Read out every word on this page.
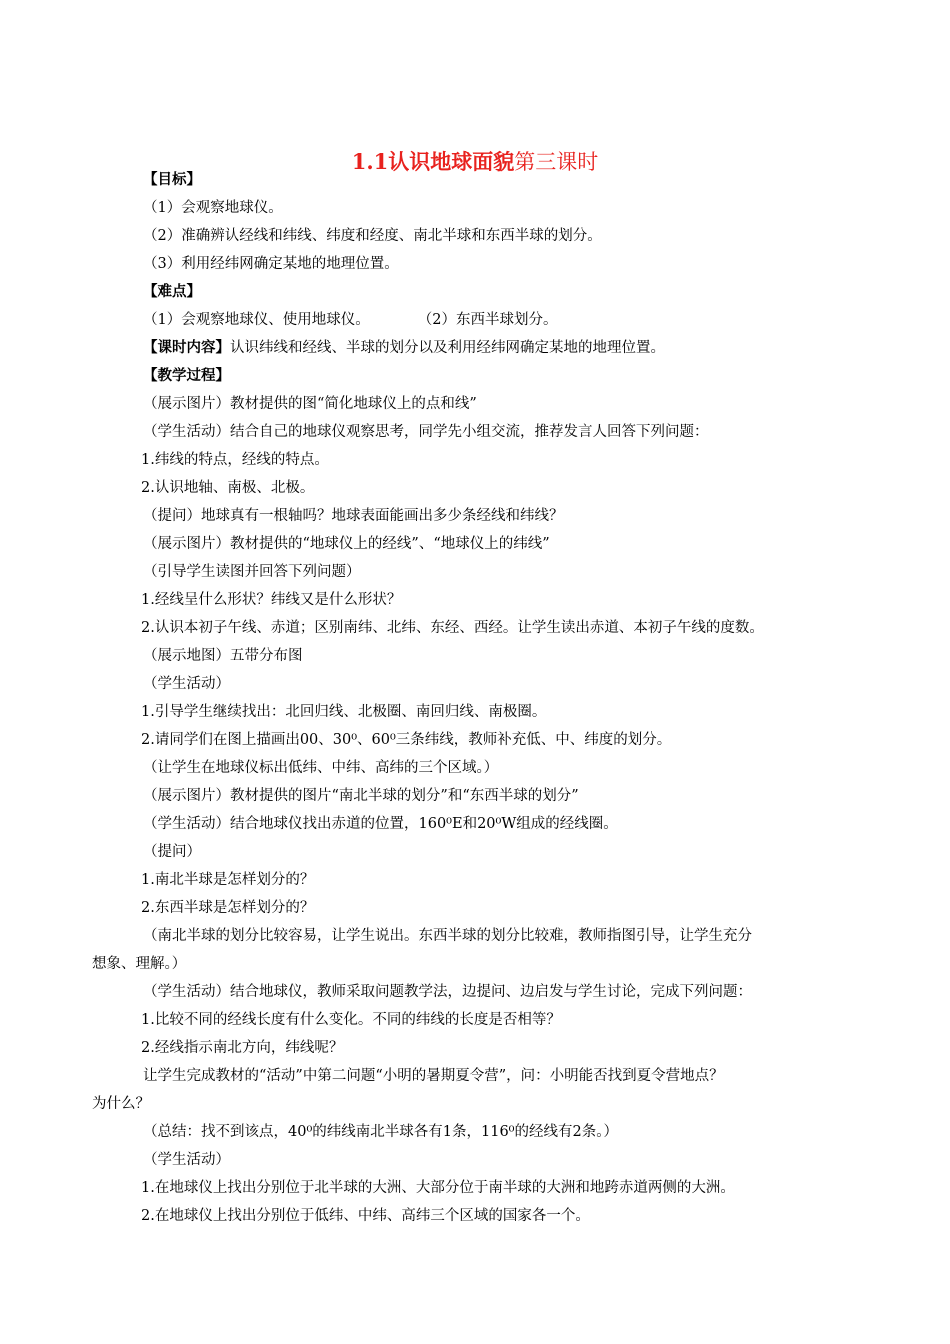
1.1认识地球面貌第三课时
【目标】
（1）会观察地球仪。
（2）准确辨认经线和纬线、纬度和经度、南北半球和东西半球的划分。
（3）利用经纬网确定某地的地理位置。
【难点】
（1）会观察地球仪、使用地球仪。	（2）东西半球划分。
【课时内容】认识纬线和经线、半球的划分以及利用经纬网确定某地的地理位置。
【教学过程】
（展示图片）教材提供的图“简化地球仪上的点和线”
（学生活动）结合自己的地球仪观察思考，同学先小组交流，推荐发言人回答下列问题：
1.纬线的特点，经线的特点。
2.认识地轴、南极、北极。
（提问）地球真有一根轴吗？地球表面能画出多少条经线和纬线？
（展示图片）教材提供的“地球仪上的经线”、“地球仪上的纬线”
（引导学生读图并回答下列问题）
1.经线呈什么形状？纬线又是什么形状？
2.认识本初子午线、赤道；区别南纬、北纬、东经、西经。让学生读出赤道、本初子午线的度数。
（展示地图）五带分布图
（学生活动）
1.引导学生继续找出：北回归线、北极圈、南回归线、南极圈。
2.请同学们在图上描画出00、30⁰、60⁰三条纬线，教师补充低、中、纬度的划分。
（让学生在地球仪标出低纬、中纬、高纬的三个区域。）
（展示图片）教材提供的图片“南北半球的划分”和“东西半球的划分”
（学生活动）结合地球仪找出赤道的位置，160⁰E和20⁰W组成的经线圈。
（提问）
1.南北半球是怎样划分的？
2.东西半球是怎样划分的？
（南北半球的划分比较容易，让学生说出。东西半球的划分比较难，教师指图引导，让学生充分
想象、理解。）
（学生活动）结合地球仪，教师采取问题教学法，边提问、边启发与学生讨论，完成下列问题：
1.比较不同的经线长度有什么变化。不同的纬线的长度是否相等？
2.经线指示南北方向，纬线呢？
让学生完成教材的“活动”中第二问题“小明的暑期夏令营”，问：小明能否找到夏令营地点？
为什么？
（总结：找不到该点，40⁰的纬线南北半球各有1条，116⁰的经线有2条。）
（学生活动）
1.在地球仪上找出分别位于北半球的大洲、大部分位于南半球的大洲和地跨赤道两侧的大洲。
2.在地球仪上找出分别位于低纬、中纬、高纬三个区域的国家各一个。
